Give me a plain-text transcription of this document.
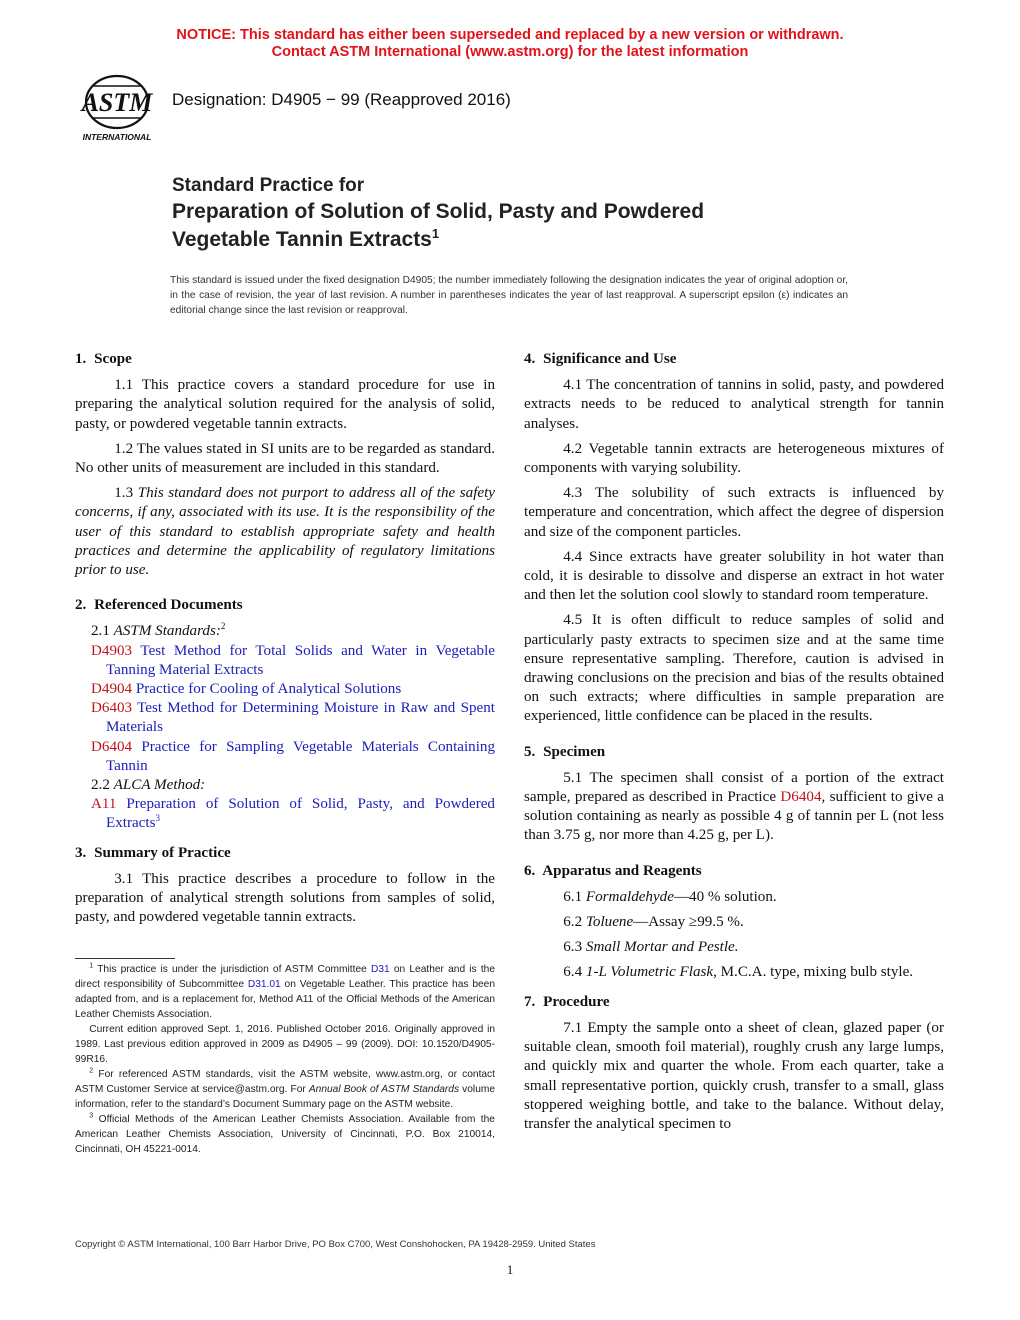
NOTICE: This standard has either been superseded and replaced by a new version or withdrawn.
Contact ASTM International (www.astm.org) for the latest information
ASTM
INTERNATIONAL
Designation: D4905 − 99 (Reapproved 2016)
Standard Practice for
Preparation of Solution of Solid, Pasty and Powdered
Vegetable Tannin Extracts$^1$
This standard is issued under the fixed designation D4905; the number immediately following the designation indicates the year of original adoption or, in the case of revision, the year of last revision. A number in parentheses indicates the year of last reapproval. A superscript epsilon (ε) indicates an editorial change since the last revision or reapproval.
1. Scope

1.1 This practice covers a standard procedure for use in preparing the analytical solution required for the analysis of solid, pasty, or powdered vegetable tannin extracts.

1.2 The values stated in SI units are to be regarded as standard. No other units of measurement are included in this standard.

1.3 This standard does not purport to address all of the safety concerns, if any, associated with its use. It is the responsibility of the user of this standard to establish appropriate safety and health practices and determine the applicability of regulatory limitations prior to use.

2. Referenced Documents
2.1 ASTM Standards:$^2$
D4903 Test Method for Total Solids and Water in Vegetable Tanning Material Extracts
D4904 Practice for Cooling of Analytical Solutions
D6403 Test Method for Determining Moisture in Raw and Spent Materials
D6404 Practice for Sampling Vegetable Materials Containing Tannin
2.2 ALCA Method:
A11 Preparation of Solution of Solid, Pasty, and Powdered Extracts$^3$
3. Summary of Practice

3.1 This practice describes a procedure to follow in the preparation of analytical strength solutions from samples of solid, pasty, and powdered vegetable tannin extracts.

4. Significance and Use

4.1 The concentration of tannins in solid, pasty, and powdered extracts needs to be reduced to analytical strength for tannin analyses.

4.2 Vegetable tannin extracts are heterogeneous mixtures of components with varying solubility.

4.3 The solubility of such extracts is influenced by temperature and concentration, which affect the degree of dispersion and size of the component particles.

4.4 Since extracts have greater solubility in hot water than cold, it is desirable to dissolve and disperse an extract in hot water and then let the solution cool slowly to standard room temperature.

4.5 It is often difficult to reduce samples of solid and particularly pasty extracts to specimen size and at the same time ensure representative sampling. Therefore, caution is advised in drawing conclusions on the precision and bias of the results obtained on such extracts; where difficulties in sample preparation are experienced, little confidence can be placed in the results.

5. Specimen

5.1 The specimen shall consist of a portion of the extract sample, prepared as described in Practice D6404, sufficient to give a solution containing as nearly as possible 4 g of tannin per L (not less than 3.75 g, nor more than 4.25 g, per L).

6. Apparatus and Reagents

6.1 Formaldehyde—40 % solution.

6.2 Toluene—Assay ≥99.5 %.

6.3 Small Mortar and Pestle.

6.4 1-L Volumetric Flask, M.C.A. type, mixing bulb style.

7. Procedure

7.1 Empty the sample onto a sheet of clean, glazed paper (or suitable clean, smooth foil material), roughly crush any large lumps, and quickly mix and quarter the whole. From each quarter, take a small representative portion, quickly crush, transfer to a small, glass stoppered weighing bottle, and take to the balance. Without delay, transfer the analytical specimen to

$^1$ This practice is under the jurisdiction of ASTM Committee D31 on Leather and is the direct responsibility of Subcommittee D31.01 on Vegetable Leather. This practice has been adapted from, and is a replacement for, Method A11 of the Official Methods of the American Leather Chemists Association.

Current edition approved Sept. 1, 2016. Published October 2016. Originally approved in 1989. Last previous edition approved in 2009 as D4905 – 99 (2009). DOI: 10.1520/D4905-99R16.

$^2$ For referenced ASTM standards, visit the ASTM website, www.astm.org, or contact ASTM Customer Service at service@astm.org. For Annual Book of ASTM Standards volume information, refer to the standard’s Document Summary page on the ASTM website.

$^3$ Official Methods of the American Leather Chemists Association. Available from the American Leather Chemists Association, University of Cincinnati, P.O. Box 210014, Cincinnati, OH 45221-0014.

Copyright © ASTM International, 100 Barr Harbor Drive, PO Box C700, West Conshohocken, PA 19428-2959. United States
1
